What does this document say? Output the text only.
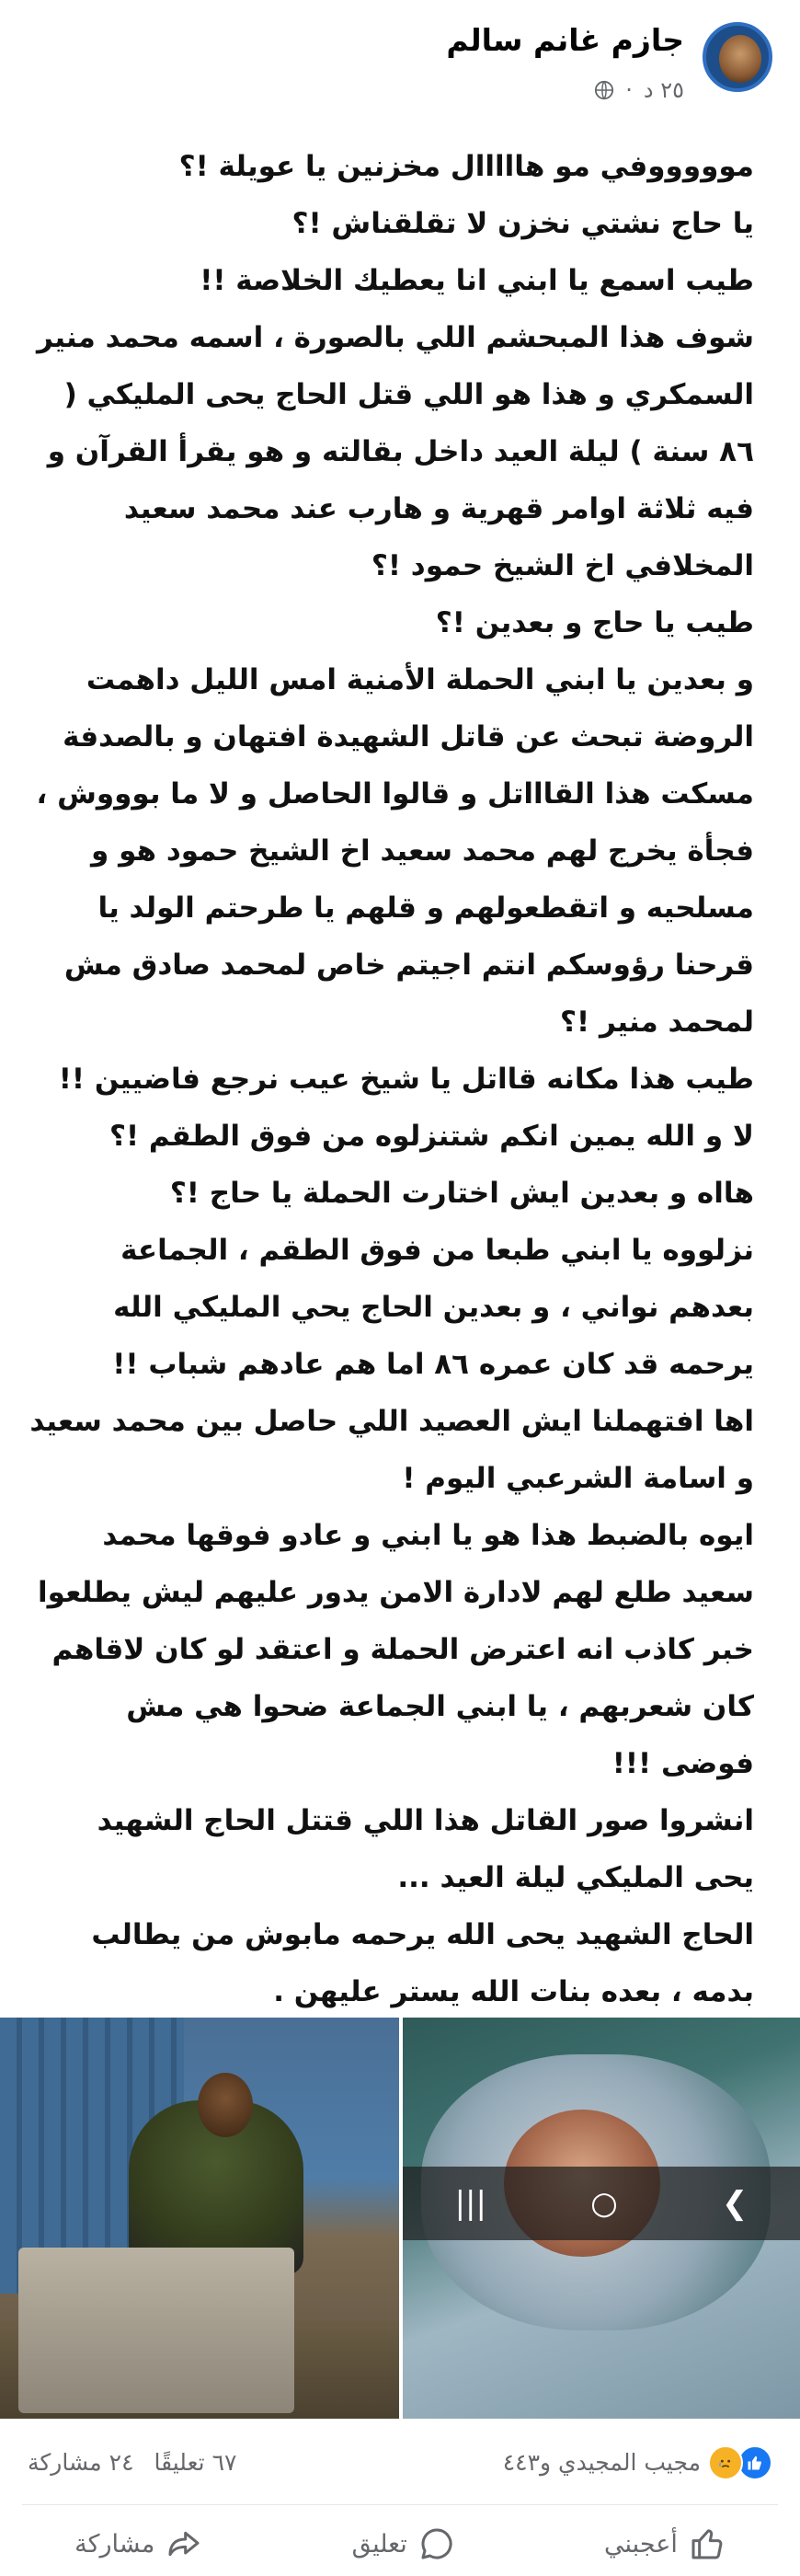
جازم غانم سالم
٢٥ د
·

موووووفي مو هااااال مخزنين يا عويلة !؟

يا حاج نشتي نخزن لا تقلقناش !؟

طيب اسمع يا ابني انا يعطيك الخلاصة !!

شوف هذا المبحشم اللي بالصورة ، اسمه محمد منير السمكري و هذا هو اللي قتل الحاج يحى المليكي ( ٨٦ سنة ) ليلة العيد داخل بقالته و هو يقرأ القرآن و فيه ثلاثة اوامر قهرية و هارب عند محمد سعيد المخلافي اخ الشيخ حمود !؟

طيب يا حاج و بعدين !؟

و بعدين يا ابني الحملة الأمنية امس الليل داهمت الروضة تبحث عن قاتل الشهيدة افتهان و بالصدفة مسكت هذا القاااتل و قالوا الحاصل و لا ما بوووش ، فجأة يخرج لهم محمد سعيد اخ الشيخ حمود هو و مسلحيه و اتقطعولهم و قلهم يا طرحتم الولد يا قرحنا رؤوسكم انتم اجيتم خاص لمحمد صادق مش لمحمد منير !؟

طيب هذا مكانه قااتل يا شيخ عيب نرجع فاضيين !!

لا و الله يمين انكم شتنزلوه من فوق الطقم !؟

هااه و بعدين ايش اختارت الحملة يا حاج !؟

نزلووه يا ابني طبعا من فوق الطقم ، الجماعة بعدهم نواني ، و بعدين الحاج يحي المليكي الله يرحمه قد كان عمره ٨٦ اما هم عادهم شباب !!

اها افتهملنا ايش العصيد اللي حاصل بين محمد سعيد و اسامة الشرعبي اليوم !

ايوه بالضبط هذا هو يا ابني و عادو فوقها محمد سعيد طلع لهم لادارة الامن يدور عليهم ليش يطلعوا خبر كاذب انه اعترض الحملة و اعتقد لو كان لاقاهم كان شعربهم ، يا ابني الجماعة ضحوا هي مش فوضى !!!

انشروا صور القاتل هذا اللي قتتل الحاج الشهيد يحى المليكي ليلة العيد ...

الحاج الشهيد يحى الله يرحمه مابوش من يطالب بدمه ، بعده بنات الله يستر عليهن .

|||	○	❮
مجيب المجيدي و٤٤٣
٦٧ تعليقًا
٢٤ مشاركة
أعجبني
تعليق
مشاركة
